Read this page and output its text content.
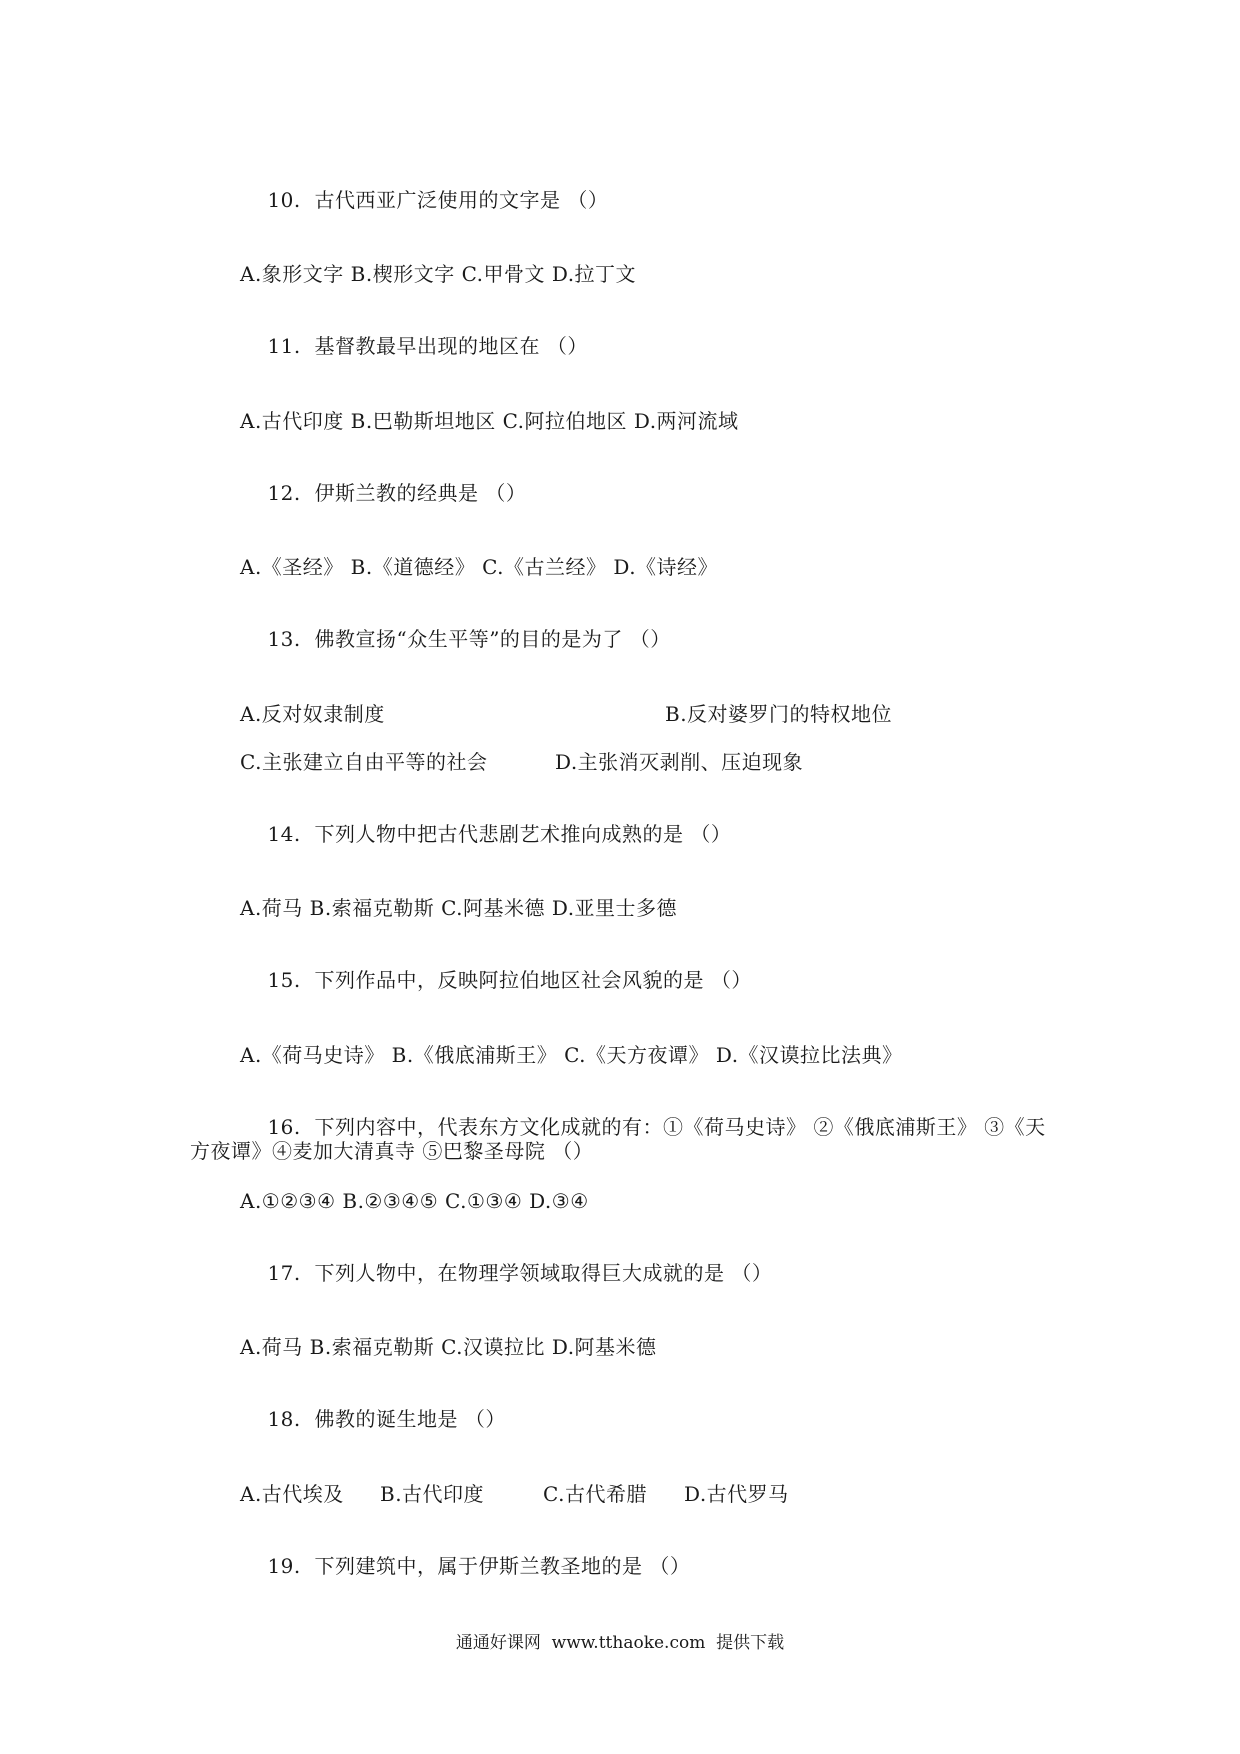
10. 古代西亚广泛使用的文字是 （）

A.象形文字 B.楔形文字 C.甲骨文 D.拉丁文

11. 基督教最早出现的地区在 （）

A.古代印度 B.巴勒斯坦地区 C.阿拉伯地区 D.两河流域

12. 伊斯兰教的经典是 （）

A.《圣经》 B.《道德经》 C.《古兰经》 D.《诗经》

13. 佛教宣扬“众生平等”的目的是为了 （）

A.反对奴隶制度	B.反对婆罗门的特权地位
C.主张建立自由平等的社会	D.主张消灭剥削、压迫现象

14. 下列人物中把古代悲剧艺术推向成熟的是 （）

A.荷马 B.索福克勒斯 C.阿基米德 D.亚里士多德

15. 下列作品中，反映阿拉伯地区社会风貌的是 （）

A.《荷马史诗》 B.《俄底浦斯王》 C.《天方夜谭》 D.《汉谟拉比法典》

16. 下列内容中，代表东方文化成就的有：①《荷马史诗》 ②《俄底浦斯王》 ③《天

方夜谭》④麦加大清真寺 ⑤巴黎圣母院 （）
A.①②③④ B.②③④⑤ C.①③④ D.③④

17. 下列人物中，在物理学领域取得巨大成就的是 （）

A.荷马 B.索福克勒斯 C.汉谟拉比 D.阿基米德

18. 佛教的诞生地是 （）

A.古代埃及 B.古代印度	C.古代希腊 D.古代罗马

19. 下列建筑中，属于伊斯兰教圣地的是 （）

通通好课网  www.tthaoke.com  提供下载
